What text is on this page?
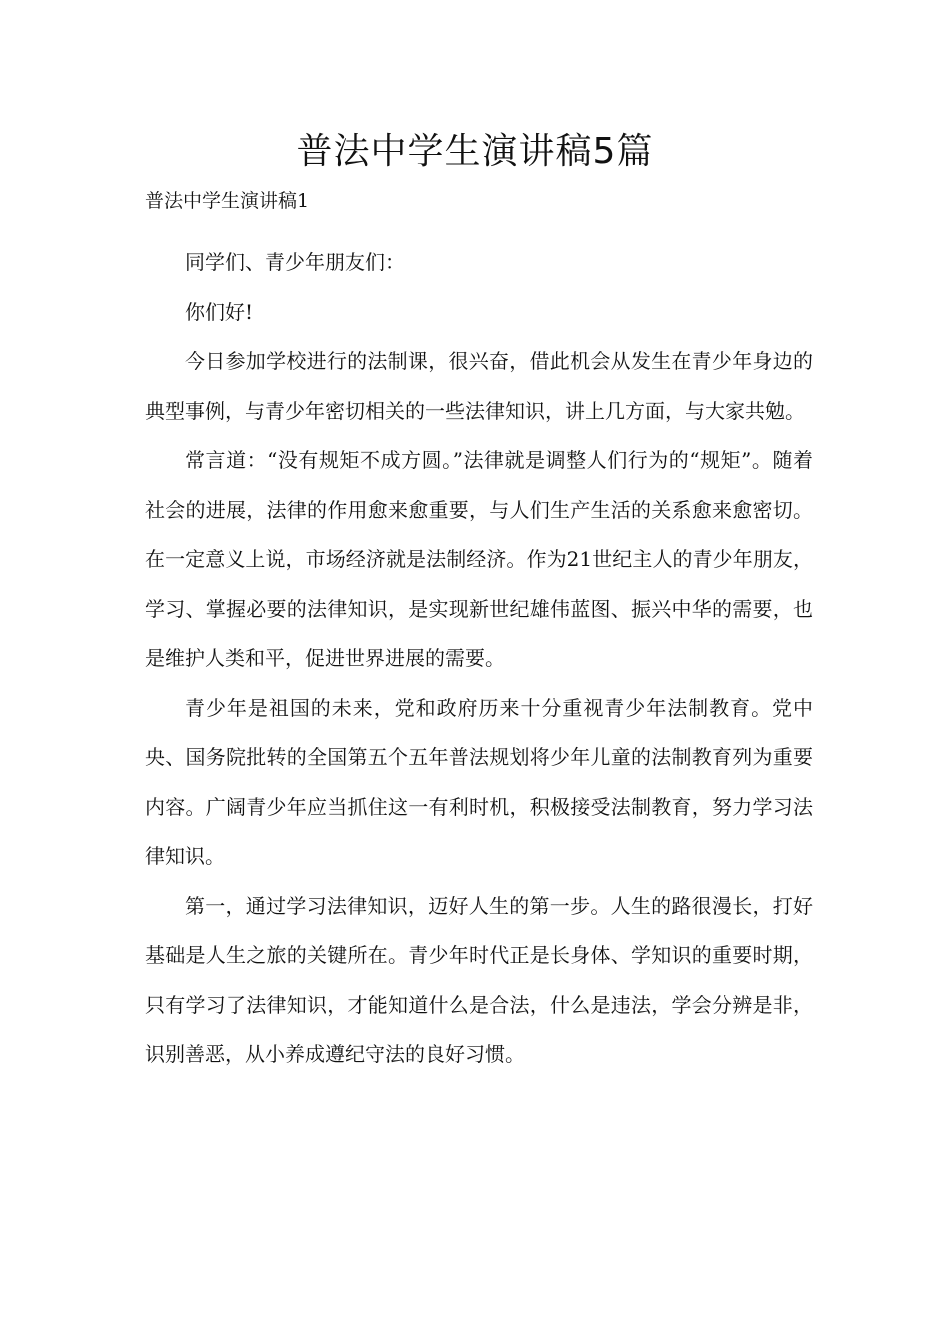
普法中学生演讲稿5篇
普法中学生演讲稿1

同学们、青少年朋友们：

你们好!

今日参加学校进行的法制课，很兴奋，借此机会从发生在青少年身边的典型事例，与青少年密切相关的一些法律知识，讲上几方面，与大家共勉。

常言道：“没有规矩不成方圆。”法律就是调整人们行为的“规矩”。随着社会的进展，法律的作用愈来愈重要，与人们生产生活的关系愈来愈密切。在一定意义上说，市场经济就是法制经济。作为21世纪主人的青少年朋友，学习、掌握必要的法律知识，是实现新世纪雄伟蓝图、振兴中华的需要，也是维护人类和平，促进世界进展的需要。

青少年是祖国的未来，党和政府历来十分重视青少年法制教育。党中央、国务院批转的全国第五个五年普法规划将少年儿童的法制教育列为重要内容。广阔青少年应当抓住这一有利时机，积极接受法制教育，努力学习法律知识。

第一，通过学习法律知识，迈好人生的第一步。人生的路很漫长，打好基础是人生之旅的关键所在。青少年时代正是长身体、学知识的重要时期，只有学习了法律知识，才能知道什么是合法，什么是违法，学会分辨是非，识别善恶，从小养成遵纪守法的良好习惯。
